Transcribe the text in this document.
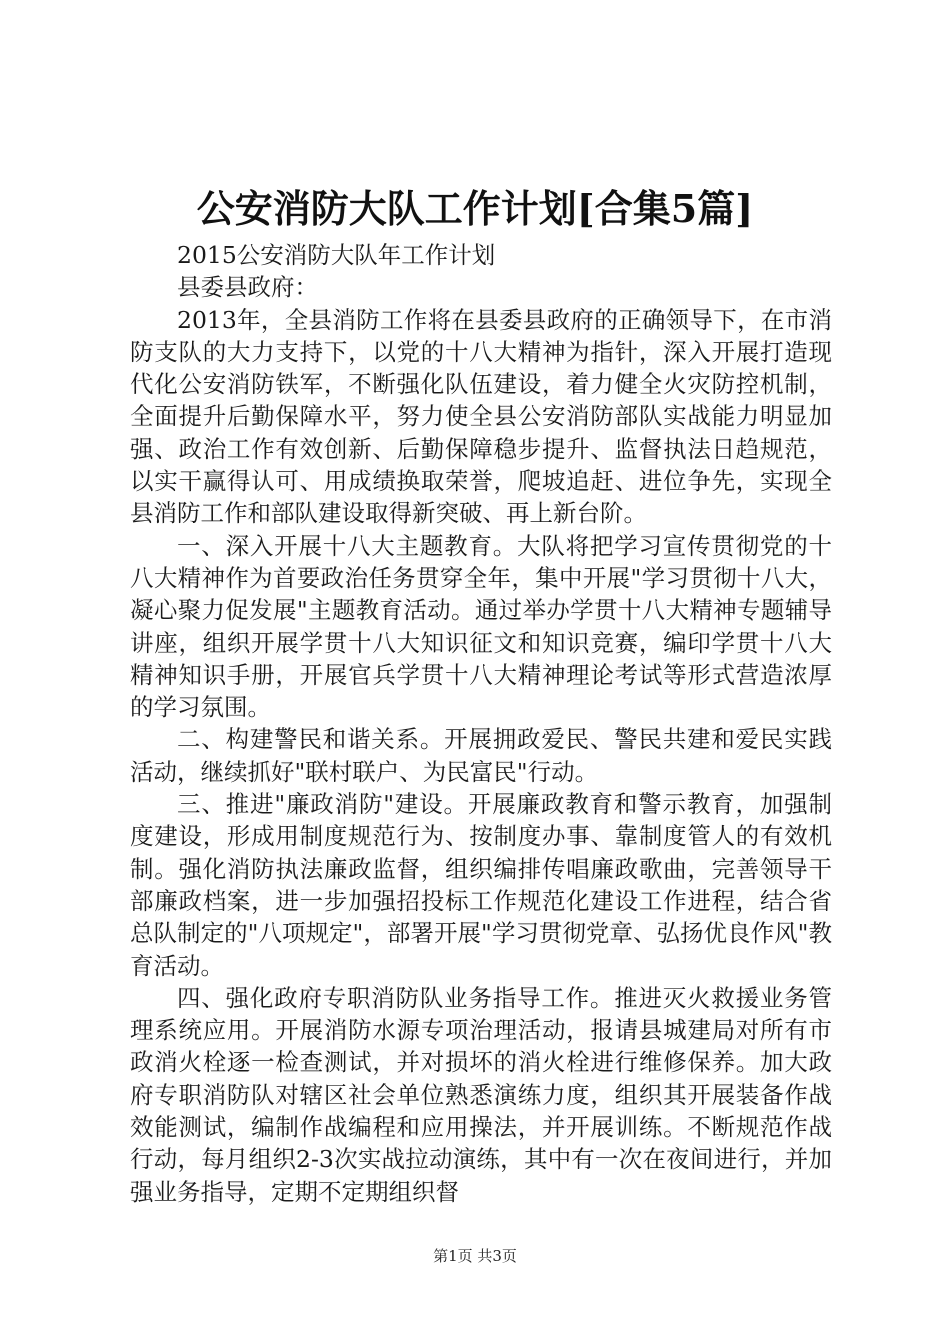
公安消防大队工作计划[合集5篇]

2015公安消防大队年工作计划

县委县政府：

2013年，全县消防工作将在县委县政府的正确领导下，在市消防支队的大力支持下，以党的十八大精神为指针，深入开展打造现代化公安消防铁军，不断强化队伍建设，着力健全火灾防控机制，全面提升后勤保障水平，努力使全县公安消防部队实战能力明显加强、政治工作有效创新、后勤保障稳步提升、监督执法日趋规范，以实干赢得认可、用成绩换取荣誉，爬坡追赶、进位争先，实现全县消防工作和部队建设取得新突破、再上新台阶。

一、深入开展十八大主题教育。大队将把学习宣传贯彻党的十八大精神作为首要政治任务贯穿全年，集中开展"学习贯彻十八大，凝心聚力促发展"主题教育活动。通过举办学贯十八大精神专题辅导讲座，组织开展学贯十八大知识征文和知识竞赛，编印学贯十八大精神知识手册，开展官兵学贯十八大精神理论考试等形式营造浓厚的学习氛围。

二、构建警民和谐关系。开展拥政爱民、警民共建和爱民实践活动，继续抓好"联村联户、为民富民"行动。

三、推进"廉政消防"建设。开展廉政教育和警示教育，加强制度建设，形成用制度规范行为、按制度办事、靠制度管人的有效机制。强化消防执法廉政监督，组织编排传唱廉政歌曲，完善领导干部廉政档案，进一步加强招投标工作规范化建设工作进程，结合省总队制定的"八项规定"，部署开展"学习贯彻党章、弘扬优良作风"教育活动。

四、强化政府专职消防队业务指导工作。推进灭火救援业务管理系统应用。开展消防水源专项治理活动，报请县城建局对所有市政消火栓逐一检查测试，并对损坏的消火栓进行维修保养。加大政府专职消防队对辖区社会单位熟悉演练力度，组织其开展装备作战效能测试，编制作战编程和应用操法，并开展训练。不断规范作战行动，每月组织2-3次实战拉动演练，其中有一次在夜间进行，并加强业务指导，定期不定期组织督

第1页 共3页
